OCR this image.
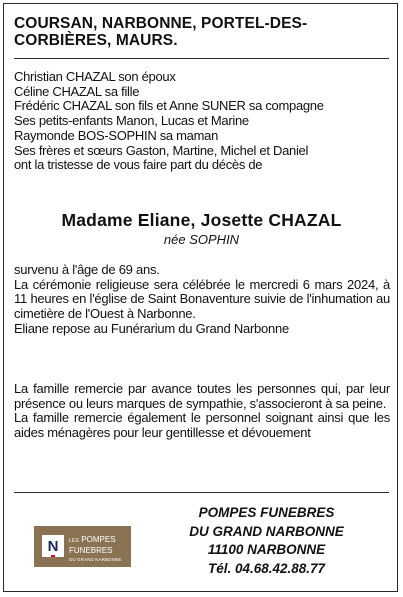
COURSAN, NARBONNE, PORTEL-DES-CORBIÈRES, MAURS.
Christian CHAZAL son époux
Céline CHAZAL sa fille
Frédéric CHAZAL son fils et Anne SUNER sa compagne
Ses petits-enfants Manon, Lucas et Marine
Raymonde BOS-SOPHIN sa maman
Ses frères et sœurs Gaston, Martine, Michel et Daniel
ont la tristesse de vous faire part du décès de
Madame Eliane, Josette CHAZAL
née SOPHIN

survenu à l'âge de 69 ans.

La cérémonie religieuse sera célébrée le mercredi 6 mars 2024, à 11 heures en l'église de Saint Bonaventure suivie de l'inhumation au cimetière de l'Ouest à Narbonne.

Eliane repose au Funérarium du Grand Narbonne

La famille remercie par avance toutes les personnes qui, par leur présence ou leurs marques de sympathie, s'associeront à sa peine.

La famille remercie également le personnel soignant ainsi que les aides ménagères pour leur gentillesse et dévouement

N LES POMPES
FUNEBRES
DU GRAND NARBONNE
POMPES FUNEBRES
DU GRAND NARBONNE
11100 NARBONNE
Tél. 04.68.42.88.77
